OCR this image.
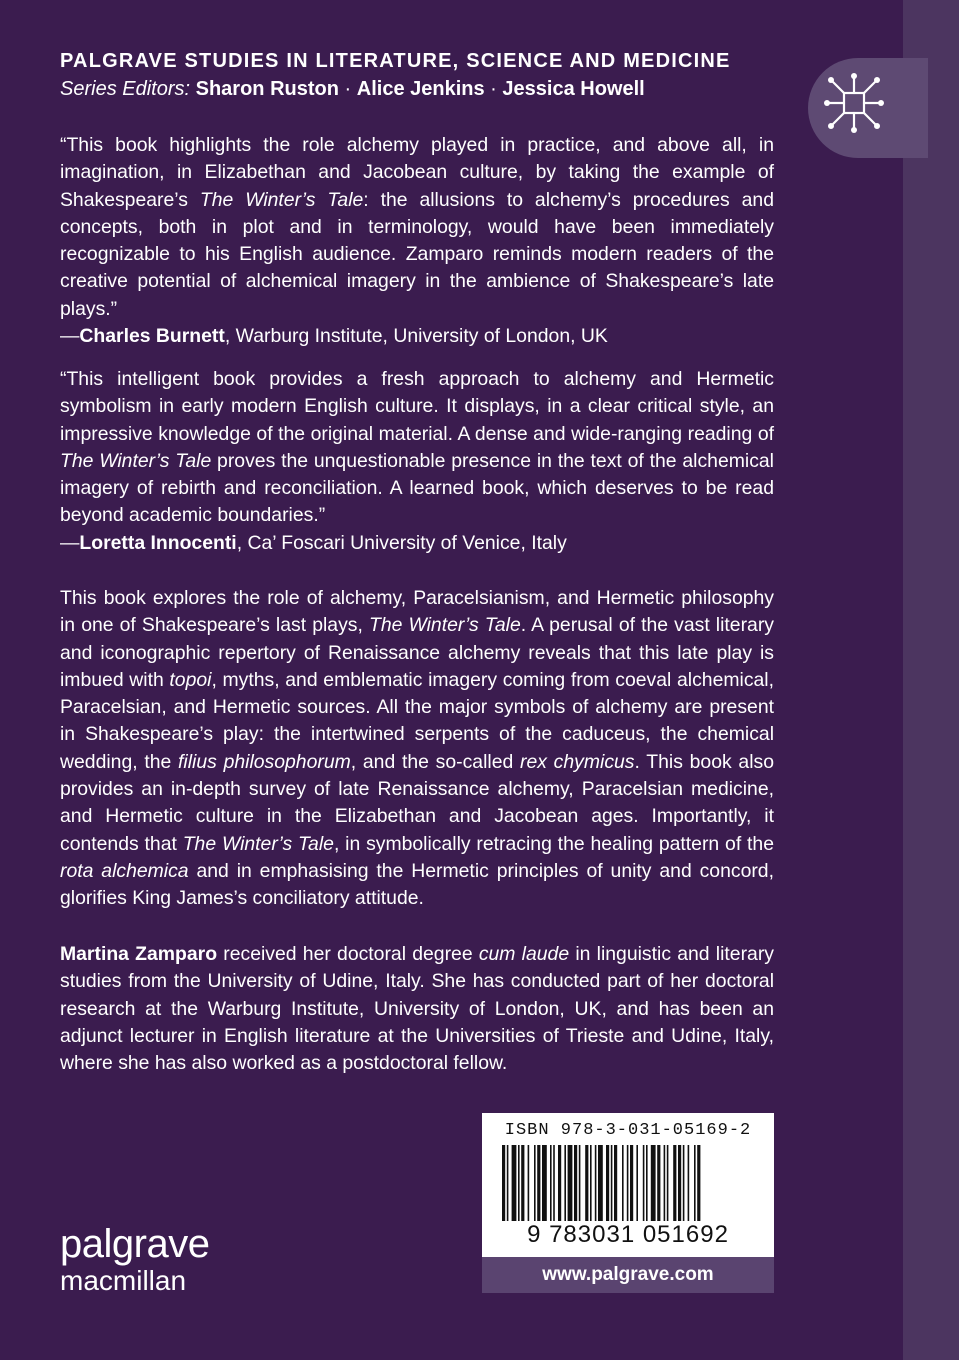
PALGRAVE STUDIES IN LITERATURE, SCIENCE AND MEDICINE
Series Editors: Sharon Ruston · Alice Jenkins · Jessica Howell

“This book highlights the role alchemy played in practice, and above all, in imagination, in Elizabethan and Jacobean culture, by taking the example of Shakespeare’s The Winter’s Tale: the allusions to alchemy’s procedures and concepts, both in plot and in terminology, would have been immediately recognizable to his English audience. Zamparo reminds modern readers of the creative potential of alchemical imagery in the ambience of Shakespeare’s late plays.”

—Charles Burnett, Warburg Institute, University of London, UK

“This intelligent book provides a fresh approach to alchemy and Hermetic symbolism in early modern English culture. It displays, in a clear critical style, an impressive knowledge of the original material. A dense and wide-ranging reading of The Winter’s Tale proves the unquestionable presence in the text of the alchemical imagery of rebirth and reconciliation. A learned book, which deserves to be read beyond academic boundaries.”

—Loretta Innocenti, Ca’ Foscari University of Venice, Italy

This book explores the role of alchemy, Paracelsianism, and Hermetic philosophy in one of Shakespeare’s last plays, The Winter’s Tale. A perusal of the vast literary and iconographic repertory of Renaissance alchemy reveals that this late play is imbued with topoi, myths, and emblematic imagery coming from coeval alchemical, Paracelsian, and Hermetic sources. All the major symbols of alchemy are present in Shakespeare’s play: the intertwined serpents of the caduceus, the chemical wedding, the filius philosophorum, and the so-called rex chymicus. This book also provides an in-depth survey of late Renaissance alchemy, Paracelsian medicine, and Hermetic culture in the Elizabethan and Jacobean ages. Importantly, it contends that The Winter’s Tale, in symbolically retracing the healing pattern of the rota alchemica and in emphasising the Hermetic principles of unity and concord, glorifies King James’s conciliatory attitude.

Martina Zamparo received her doctoral degree cum laude in linguistic and literary studies from the University of Udine, Italy. She has conducted part of her doctoral research at the Warburg Institute, University of London, UK, and has been an adjunct lecturer in English literature at the Universities of Trieste and Udine, Italy, where she has also worked as a postdoctoral fellow.

ISBN 978-3-031-05169-2
9 783031 051692
www.palgrave.com
palgrave
macmillan
